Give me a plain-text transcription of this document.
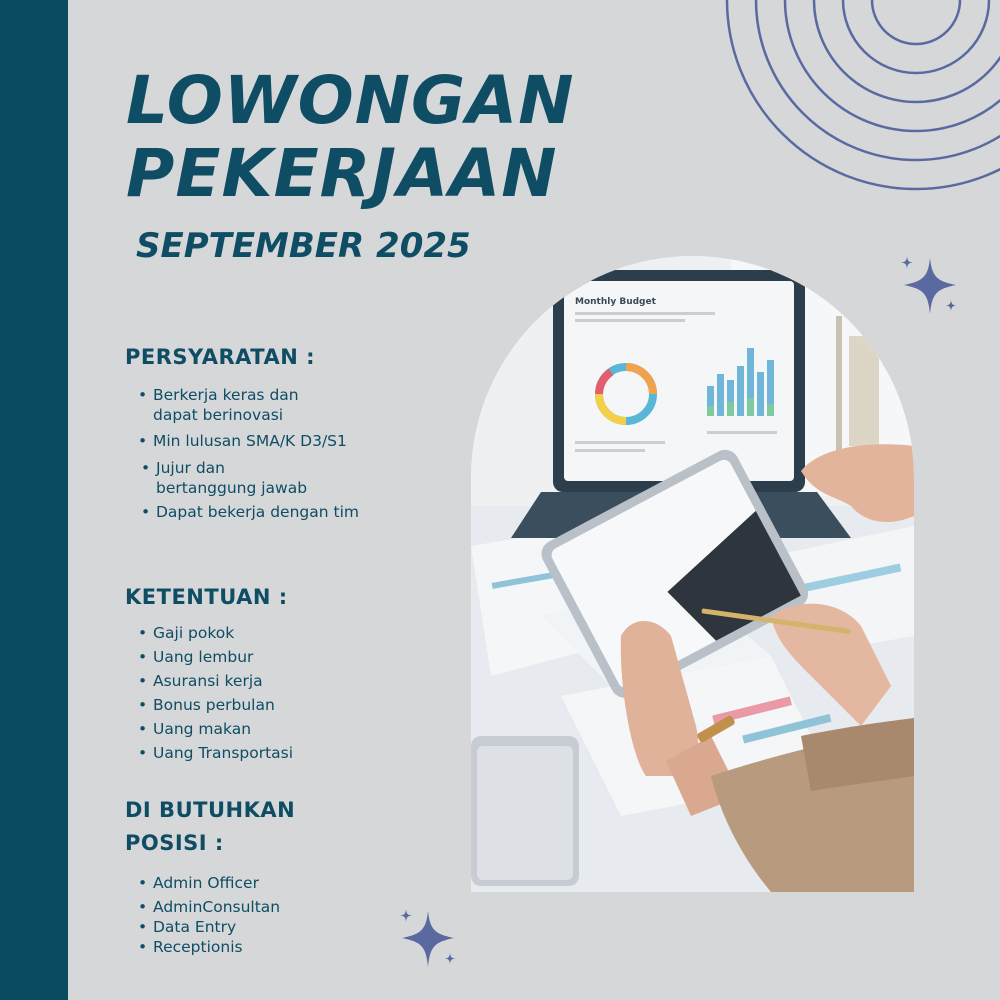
LOWONGAN
PEKERJAAN
SEPTEMBER 2025
PERSYARATAN :
• Berkerja keras dan
dapat berinovasi
• Min lulusan SMA/K D3/S1
• Jujur dan
bertanggung jawab
• Dapat bekerja dengan tim
KETENTUAN :
• Gaji pokok
• Uang lembur
• Asuransi kerja
• Bonus perbulan
• Uang makan
• Uang Transportasi
DI BUTUHKAN
POSISI :
• Admin Officer
• AdminConsultan
• Data Entry
• Receptionis
Monthly Budget
